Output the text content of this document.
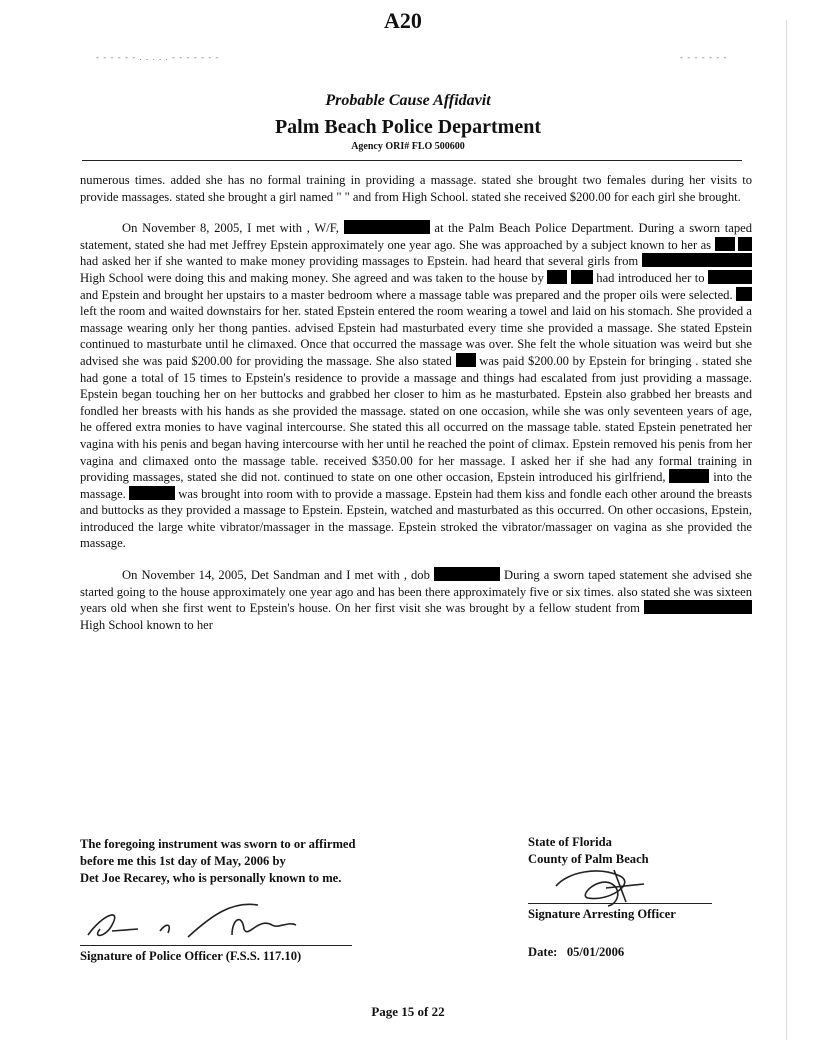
A20
- - - - - - . . . . . - - - - - - -	- - - - - - -
Probable Cause Affidavit
Palm Beach Police Department
Agency ORI# FLO 500600

numerous times. added she has no formal training in providing a massage. stated she brought two females during her visits to provide massages. stated she brought a girl named " " and from High School. stated she received $200.00 for each girl she brought.

On November 8, 2005, I met with , W/F,	at the Palm Beach Police Department. During a sworn taped statement, stated she had met Jeffrey Epstein approximately one year ago. She was approached by a subject known to her as   had asked her if she wanted to make money providing massages to Epstein. had heard that several girls from  High School were doing this and making money. She agreed and was taken to the house by	had introduced her to  and Epstein and brought her upstairs to a master bedroom where a massage table was prepared and the proper oils were selected.  left the room and waited downstairs for her. stated Epstein entered the room wearing a towel and laid on his stomach. She provided a massage wearing only her thong panties. advised Epstein had masturbated every time she provided a massage. She stated Epstein continued to masturbate until he climaxed. Once that occurred the massage was over. She felt the whole situation was weird but she advised she was paid $200.00 for providing the massage. She also stated was paid $200.00 by Epstein for bringing . stated she had gone a total of 15 times to Epstein's residence to provide a massage and things had escalated from just providing a massage. Epstein began touching her on her buttocks and grabbed her closer to him as he masturbated. Epstein also grabbed her breasts and fondled her breasts with his hands as she provided the massage. stated on one occasion, while she was only seventeen years of age, he offered extra monies to have vaginal intercourse. She stated this all occurred on the massage table. stated Epstein penetrated her vagina with his penis and began having intercourse with her until he reached the point of climax. Epstein removed his penis from her vagina and climaxed onto the massage table. received $350.00 for her massage. I asked her if she had any formal training in providing massages, stated she did not. continued to state on one other occasion, Epstein introduced his girlfriend,	into the massage.	was brought into room with to provide a massage. Epstein had them kiss and fondle each other around the breasts and buttocks as they provided a massage to Epstein. Epstein, watched and masturbated as this occurred. On other occasions, Epstein, introduced the large white vibrator/massager in the massage. Epstein stroked the vibrator/massager on vagina as she provided the massage.

On November 14, 2005, Det Sandman and I met with , dob	During a sworn taped statement she advised she started going to the house approximately one year ago and has been there approximately five or six times. also stated she was sixteen years old when she first went to Epstein's house. On her first visit she was brought by a fellow student from  High School known to her

The foregoing instrument was sworn to or affirmed
before me this 1st day of May, 2006 by
Det Joe Recarey, who is personally known to me.
Signature of Police Officer (F.S.S. 117.10)
State of Florida
County of Palm Beach
Signature Arresting Officer
Date: 05/01/2006
Page 15 of 22
